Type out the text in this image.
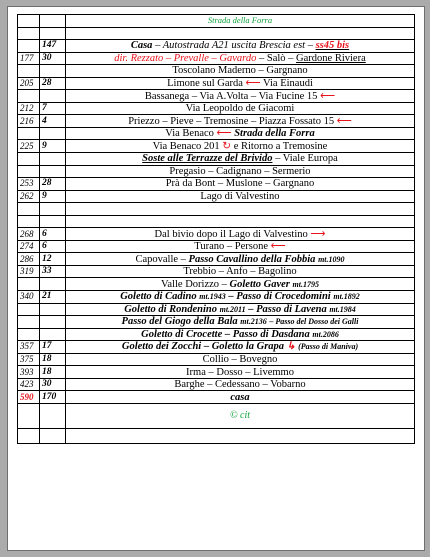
		Strada della Forra

	147	Casa – Autostrada A21 uscita Brescia est – ss45 bis
177	30	dir. Rezzato – Prevalle – Gavardo – Salò – Gardone Riviera
		Toscolano Maderno – Gargnano
205	28	Limone sul Garda ⟵ Via Einaudi
		Bassanega – Via A.Volta – Via Fucine 15 ⟵
212	7	Via Leopoldo de Giacomi
216	4	Priezzo – Pieve – Tremosine – Piazza Fossato 15 ⟵
		Via Benaco ⟵ Strada della Forra
225	9	Via Benaco 201 ↻ e Ritorno a Tremosine
		Soste alle Terrazze del Brivido – Viale Europa
		Pregasio – Cadignano – Sermerio
253	28	Prà da Bont – Muslone – Gargnano
262	9	Lago di Valvestino

268	6	Dal bivio dopo il Lago di Valvestino ⟶
274	6	Turano – Persone ⟵
286	12	Capovalle – Passo Cavallino della Fobbia mt.1090
319	33	Trebbio – Anfo – Bagolino
		Valle Dorizzo – Goletto Gaver mt.1795
340	21	Goletto di Cadino mt.1943 – Passo di Crocedomini mt.1892
		Goletto di Rondenino mt.2011 – Passo di Lavena mt.1984
		Passo del Giogo della Bala mt.2136 – Passo del Dosso dei Galli
		Goletto di Crocette – Passo di Dasdana mt.2086
357	17	Goletto dei Zocchi – Goletto la Grapa ↳ (Passo di Maniva)
375	18	Collio – Bovegno
393	18	Irma – Dosso – Livemmo
423	30	Barghe – Cedessano – Vobarno
590	170	casa
		© cit
